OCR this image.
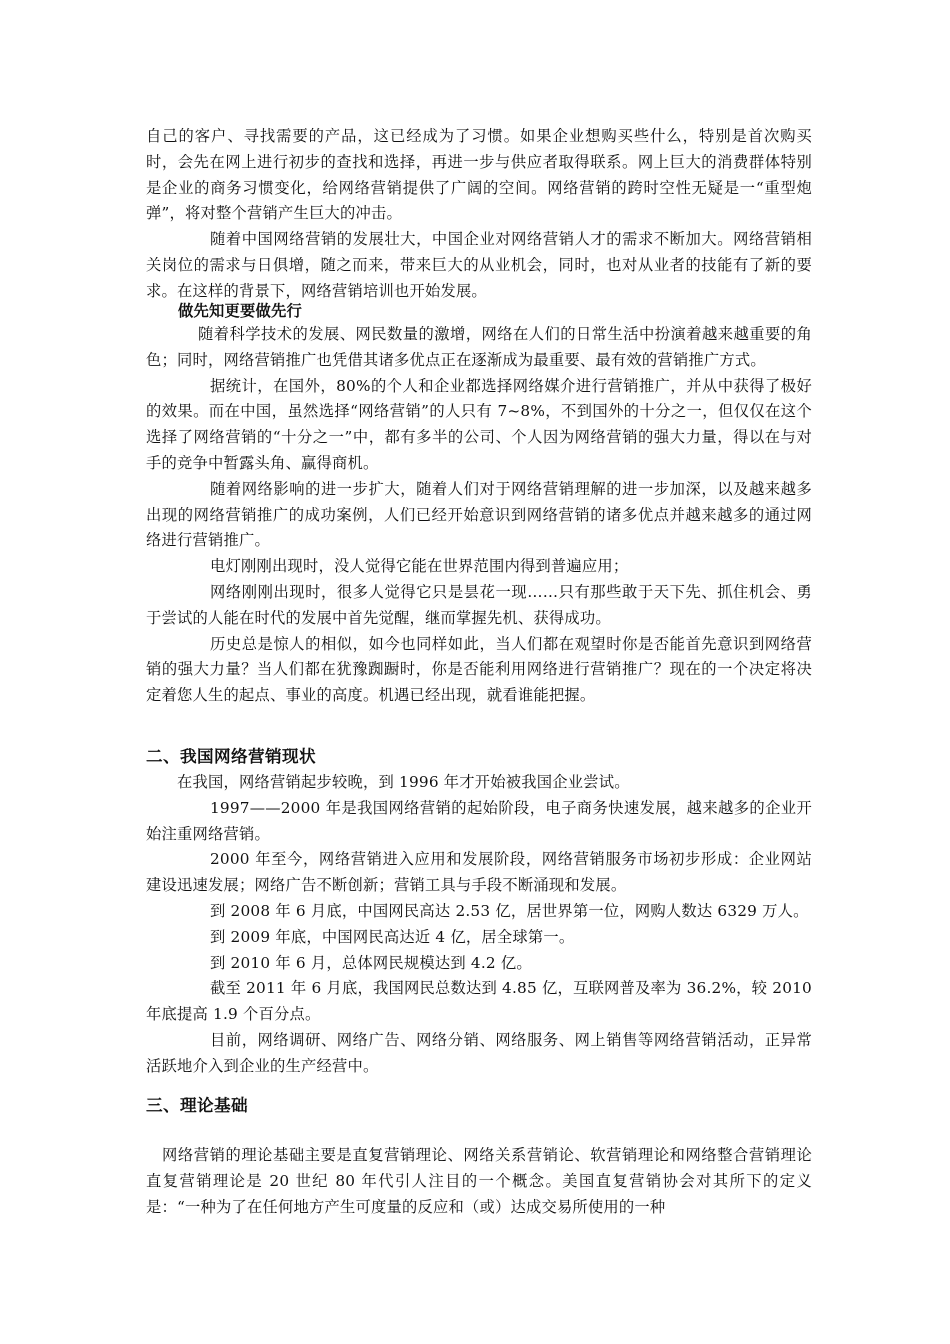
自己的客户、寻找需要的产品，这已经成为了习惯。如果企业想购买些什么，特别是首次购买时，会先在网上进行初步的查找和选择，再进一步与供应者取得联系。网上巨大的消费群体特别是企业的商务习惯变化，给网络营销提供了广阔的空间。网络营销的跨时空性无疑是一“重型炮弹”，将对整个营销产生巨大的冲击。

随着中国网络营销的发展壮大，中国企业对网络营销人才的需求不断加大。网络营销相关岗位的需求与日俱增，随之而来，带来巨大的从业机会，同时，也对从业者的技能有了新的要求。在这样的背景下，网络营销培训也开始发展。

做先知更要做先行

随着科学技术的发展、网民数量的激增，网络在人们的日常生活中扮演着越来越重要的角色；同时，网络营销推广也凭借其诸多优点正在逐渐成为最重要、最有效的营销推广方式。

据统计，在国外，80%的个人和企业都选择网络媒介进行营销推广，并从中获得了极好的效果。而在中国，虽然选择“网络营销”的人只有 7~8%，不到国外的十分之一，但仅仅在这个选择了网络营销的“十分之一”中，都有多半的公司、个人因为网络营销的强大力量，得以在与对手的竞争中暂露头角、赢得商机。

随着网络影响的进一步扩大，随着人们对于网络营销理解的进一步加深，以及越来越多出现的网络营销推广的成功案例，人们已经开始意识到网络营销的诸多优点并越来越多的通过网络进行营销推广。

电灯刚刚出现时，没人觉得它能在世界范围内得到普遍应用；

网络刚刚出现时，很多人觉得它只是昙花一现……只有那些敢于天下先、抓住机会、勇于尝试的人能在时代的发展中首先觉醒，继而掌握先机、获得成功。

历史总是惊人的相似，如今也同样如此，当人们都在观望时你是否能首先意识到网络营销的强大力量？当人们都在犹豫踟蹰时，你是否能利用网络进行营销推广？现在的一个决定将决定着您人生的起点、事业的高度。机遇已经出现，就看谁能把握。

二、我国网络营销现状

在我国，网络营销起步较晚，到 1996 年才开始被我国企业尝试。

1997——2000 年是我国网络营销的起始阶段，电子商务快速发展，越来越多的企业开始注重网络营销。

2000 年至今，网络营销进入应用和发展阶段，网络营销服务市场初步形成：企业网站建设迅速发展；网络广告不断创新；营销工具与手段不断涌现和发展。

到 2008 年 6 月底，中国网民高达 2.53 亿，居世界第一位，网购人数达 6329 万人。

到 2009 年底，中国网民高达近 4 亿，居全球第一。

到 2010 年 6 月，总体网民规模达到 4.2 亿。

截至 2011 年 6 月底，我国网民总数达到 4.85 亿，互联网普及率为 36.2%，较 2010 年底提高 1.9 个百分点。

目前，网络调研、网络广告、网络分销、网络服务、网上销售等网络营销活动，正异常活跃地介入到企业的生产经营中。

三、理论基础

网络营销的理论基础主要是直复营销理论、网络关系营销论、软营销理论和网络整合营销理论　　直复营销理论是 20 世纪 80 年代引人注目的一个概念。美国直复营销协会对其所下的定义是：“一种为了在任何地方产生可度量的反应和（或）达成交易所使用的一种
